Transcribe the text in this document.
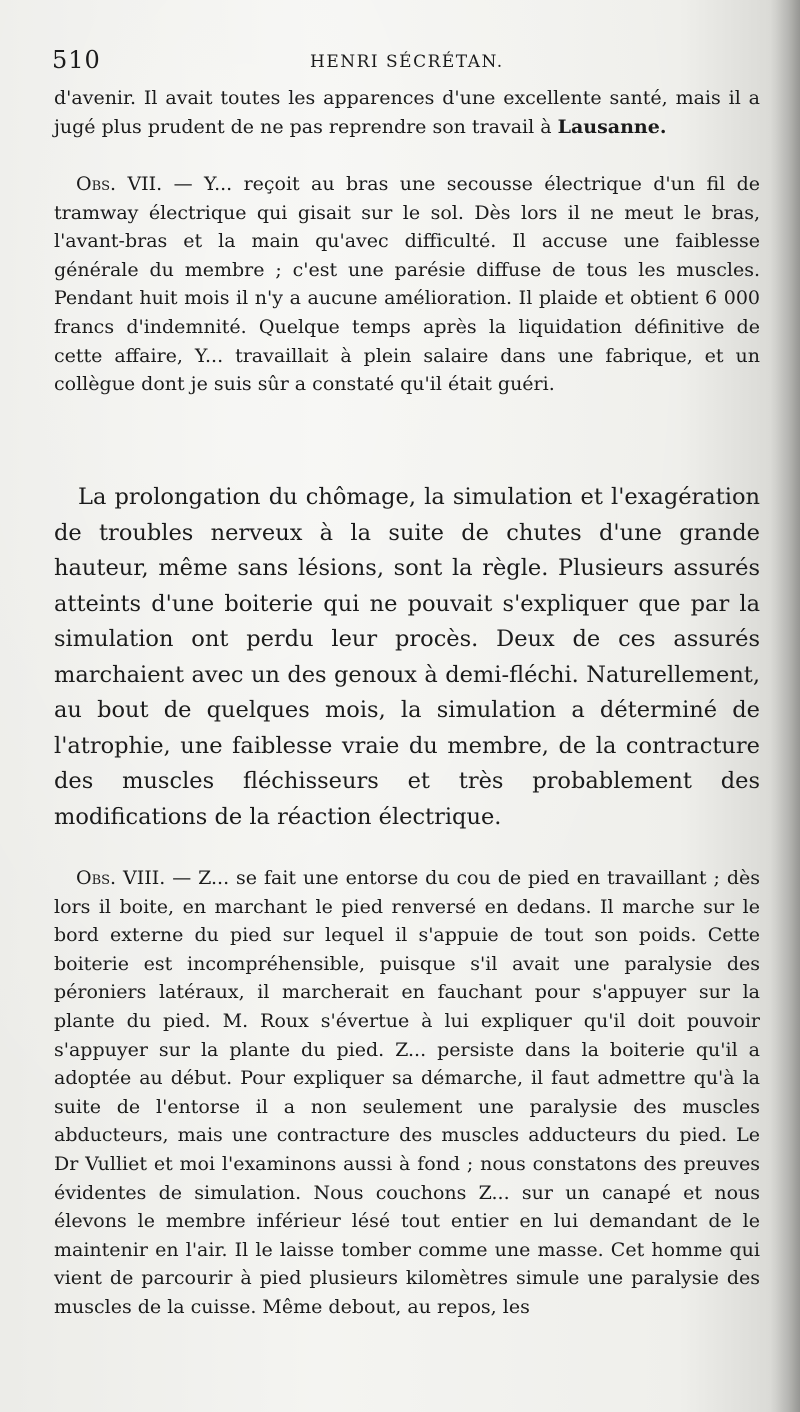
510	HENRI SÉCRÉTAN.

d'avenir. Il avait toutes les apparences d'une excellente santé, mais il a jugé plus prudent de ne pas reprendre son travail à Lausanne.

Obs. VII. — Y... reçoit au bras une secousse électrique d'un fil de tramway électrique qui gisait sur le sol. Dès lors il ne meut le bras, l'avant-bras et la main qu'avec difficulté. Il accuse une faiblesse générale du membre ; c'est une parésie diffuse de tous les muscles. Pendant huit mois il n'y a aucune amélioration. Il plaide et obtient 6 000 francs d'indemnité. Quelque temps après la liquidation définitive de cette affaire, Y... travaillait à plein salaire dans une fabrique, et un collègue dont je suis sûr a constaté qu'il était guéri.

La prolongation du chômage, la simulation et l'exagération de troubles nerveux à la suite de chutes d'une grande hauteur, même sans lésions, sont la règle. Plusieurs assurés atteints d'une boiterie qui ne pouvait s'expliquer que par la simulation ont perdu leur procès. Deux de ces assurés marchaient avec un des genoux à demi-fléchi. Naturellement, au bout de quelques mois, la simulation a déterminé de l'atrophie, une faiblesse vraie du membre, de la contracture des muscles fléchisseurs et très probablement des modifications de la réaction électrique.

Obs. VIII. — Z... se fait une entorse du cou de pied en travaillant ; dès lors il boite, en marchant le pied renversé en dedans. Il marche sur le bord externe du pied sur lequel il s'appuie de tout son poids. Cette boiterie est incompréhensible, puisque s'il avait une paralysie des péroniers latéraux, il marcherait en fauchant pour s'appuyer sur la plante du pied. M. Roux s'évertue à lui expliquer qu'il doit pouvoir s'appuyer sur la plante du pied. Z... persiste dans la boiterie qu'il a adoptée au début. Pour expliquer sa démarche, il faut admettre qu'à la suite de l'entorse il a non seulement une paralysie des muscles abducteurs, mais une contracture des muscles adducteurs du pied. Le Dr Vulliet et moi l'examinons aussi à fond ; nous constatons des preuves évidentes de simulation. Nous couchons Z... sur un canapé et nous élevons le membre inférieur lésé tout entier en lui demandant de le maintenir en l'air. Il le laisse tomber comme une masse. Cet homme qui vient de parcourir à pied plusieurs kilomètres simule une paralysie des muscles de la cuisse. Même debout, au repos, les
